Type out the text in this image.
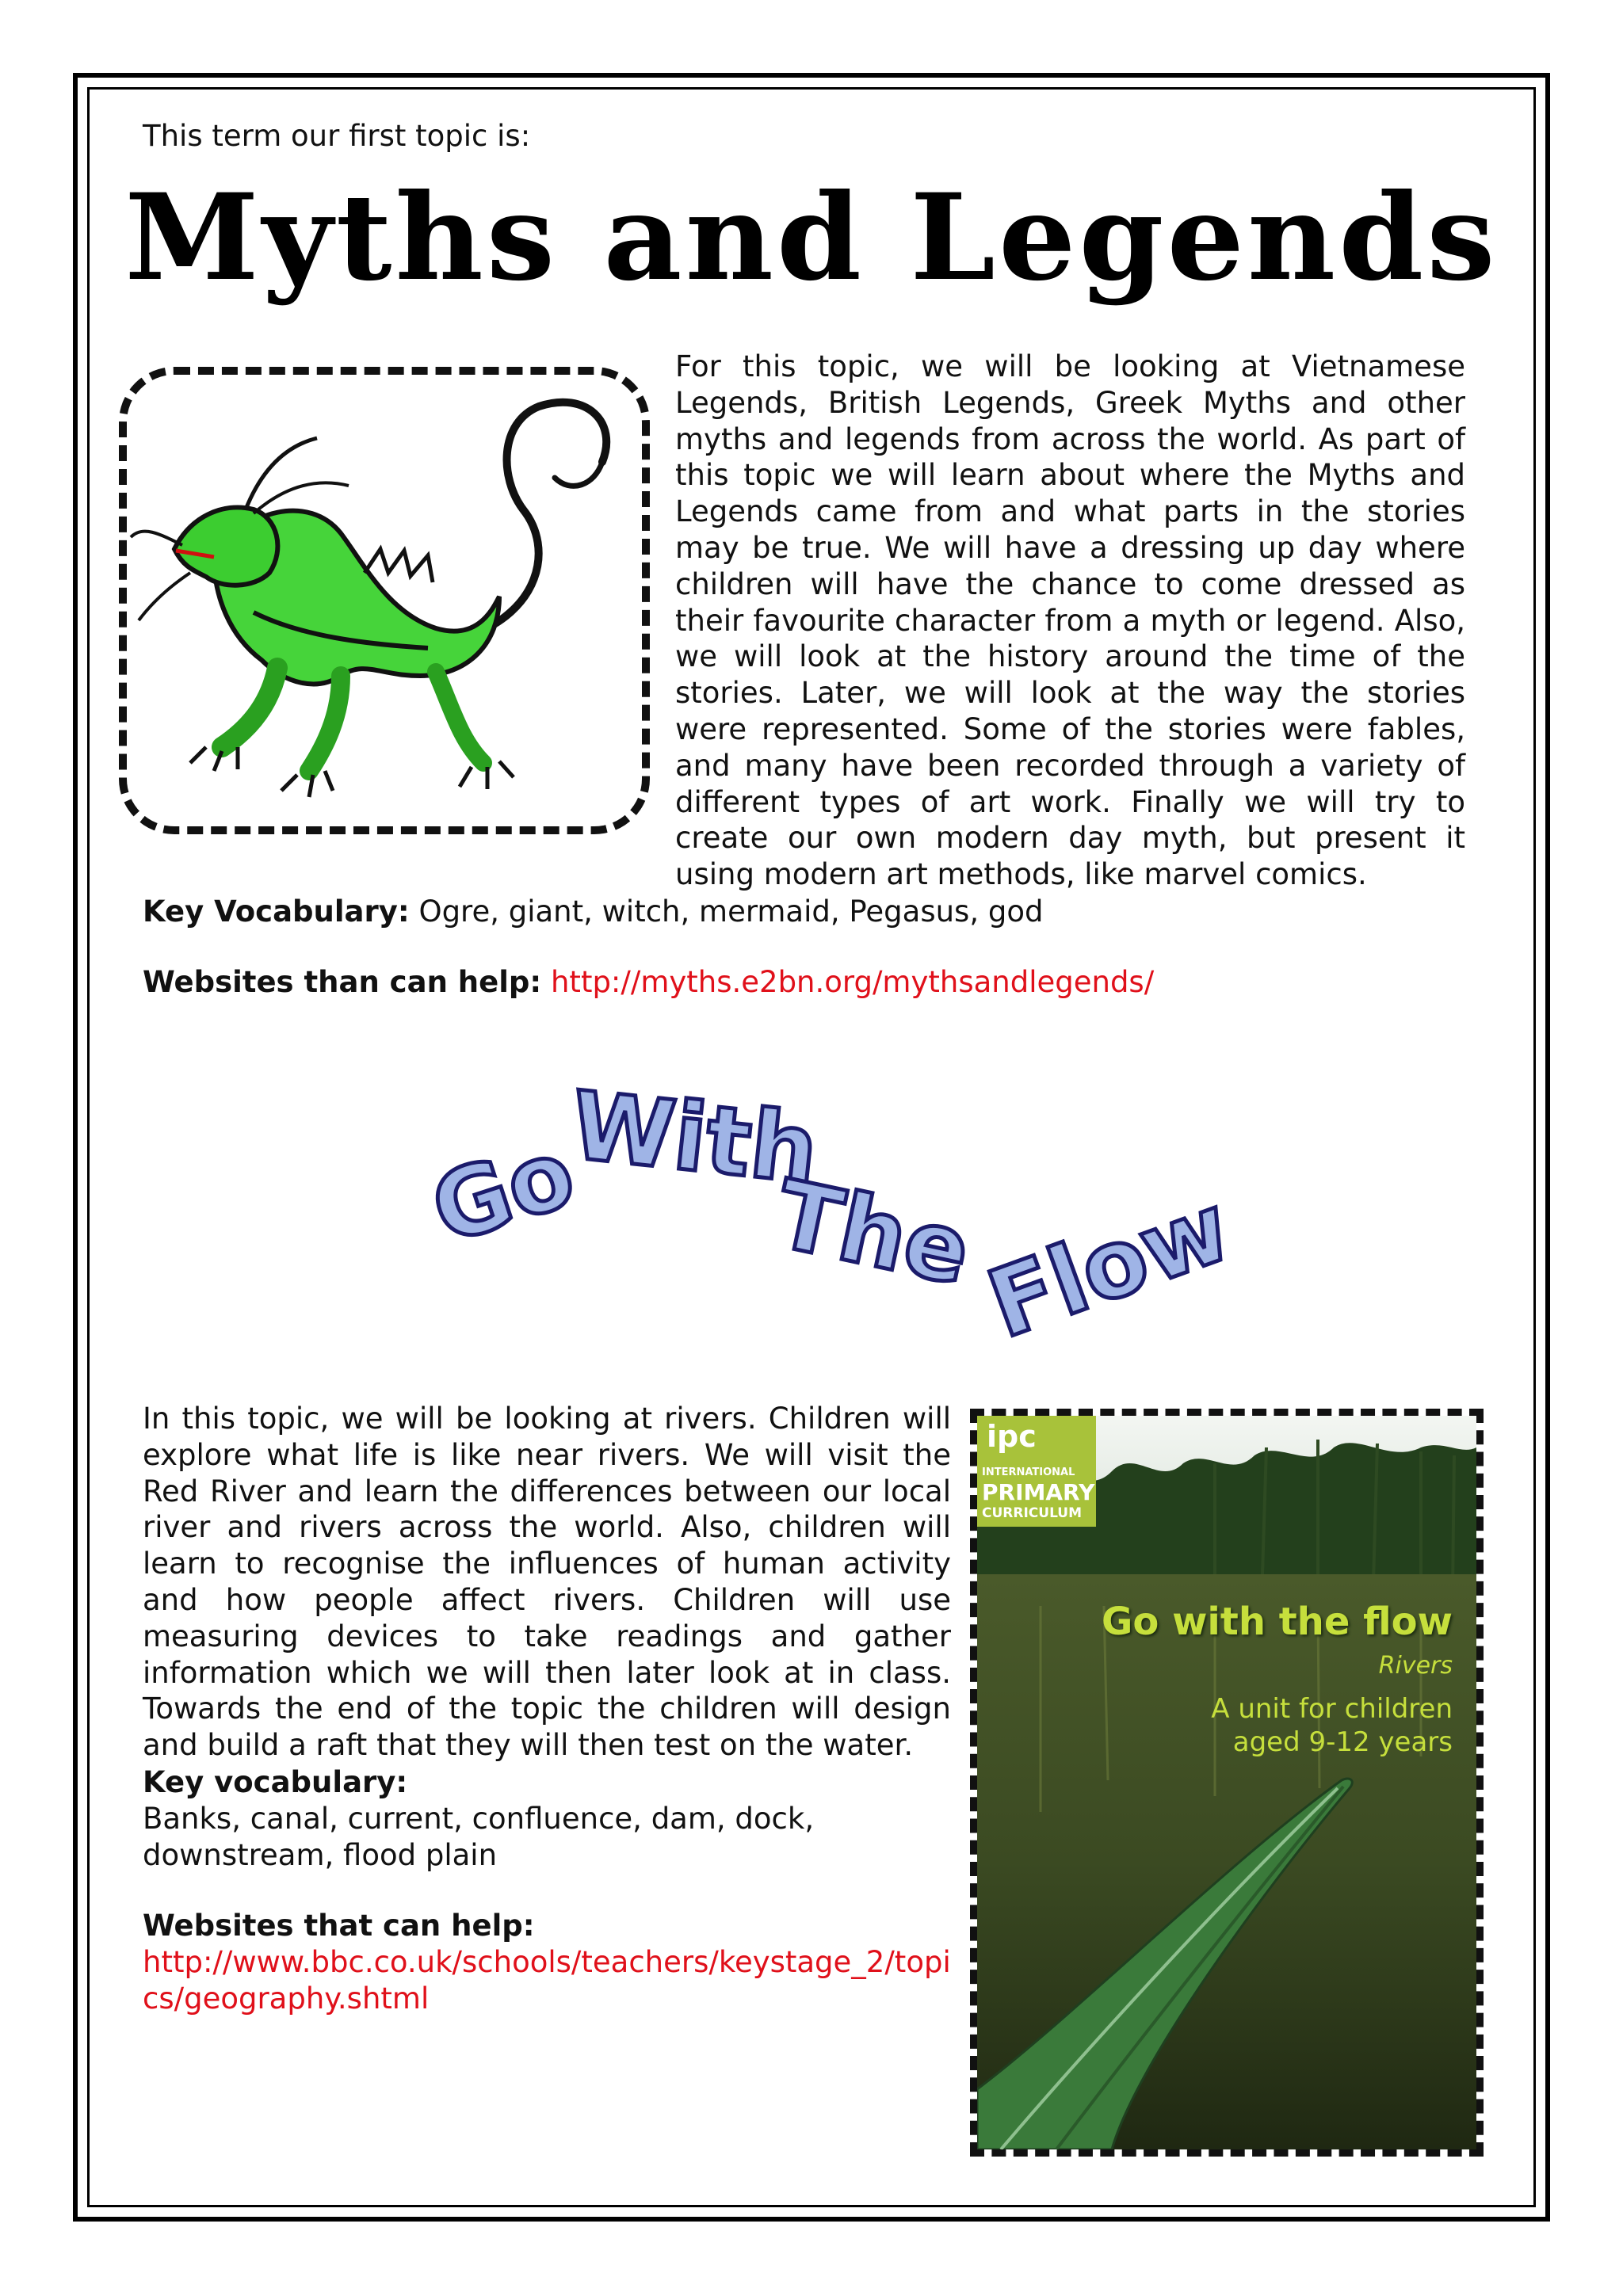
This term our first topic is:
Myths and Legends
For this topic, we will be looking at Vietnamese Legends, British Legends, Greek Myths and other myths and legends from across the world. As part of this topic we will learn about where the Myths and Legends came from and what parts in the stories may be true. We will have a dressing up day where children will have the chance to come dressed as their favourite character from a myth or legend. Also, we will look at the history around the time of the stories. Later, we will look at the way the stories were represented. Some of the stories were fables, and many have been recorded through a variety of different types of art work. Finally we will try to create our own modern day myth, but present it using modern art methods, like marvel comics.
Key Vocabulary: Ogre, giant, witch, mermaid, Pegasus, god
Websites than can help: http://myths.e2bn.org/mythsandlegends/
Go
With
The
Flow
In this topic, we will be looking at rivers. Children will explore what life is like near rivers. We will visit the Red River and learn the differences between our local river and rivers across the world. Also, children will learn to recognise the influences of human activity and how people affect rivers. Children will use measuring devices to take readings and gather information which we will then later look at in class. Towards the end of the topic the children will design and build a raft that they will then test on the water.
Key vocabulary:
Banks, canal, current, confluence, dam, dock, downstream, flood plain
Websites that can help:
http://www.bbc.co.uk/schools/teachers/keystage_2/topics/geography.shtml
ipc
INTERNATIONAL
PRIMARY
CURRICULUM
Go with the flow
Rivers
A unit for children
aged 9-12 years
